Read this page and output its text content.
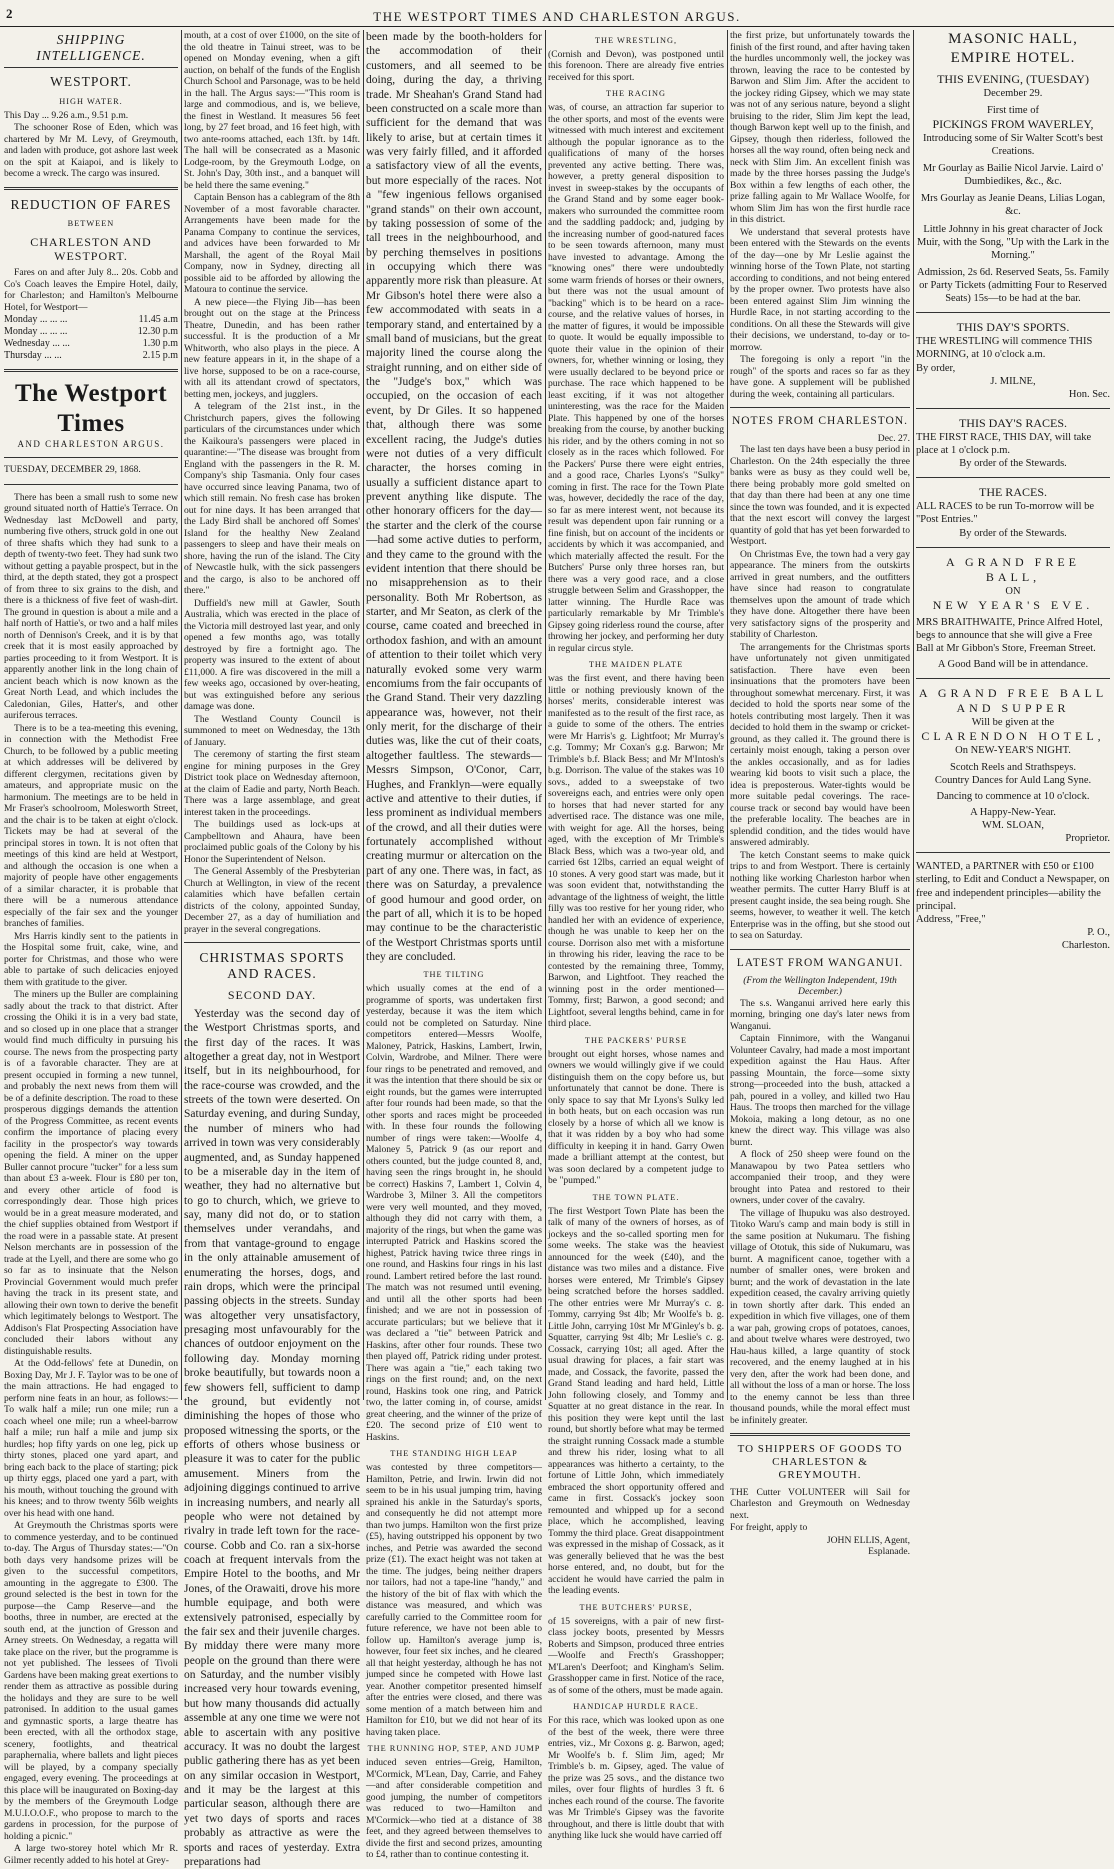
2	THE WESTPORT TIMES AND CHARLESTON ARGUS.
SHIPPING INTELLIGENCE.
WESTPORT.
HIGH WATER.

This Day ... 9.26 a.m., 9.51 p.m.

The schooner Rose of Eden, which was chartered by Mr M. Levy, of Greymouth, and laden with produce, got ashore last week on the spit at Kaiapoi, and is likely to become a wreck. The cargo was insured.

REDUCTION OF FARES
BETWEEN
CHARLESTON AND WESTPORT.

Fares on and after July 8... 20s. Cobb and Co's Coach leaves the Empire Hotel, daily, for Charleston; and Hamilton's Melbourne Hotel, for Westport—

Monday ... ... ...	11.45 a.m
Monday ... ... ...	12.30 p.m
Wednesday ... ...	1.30 p.m
Thursday ... ...	2.15 p.m
The Westport Times
AND CHARLESTON ARGUS.
TUESDAY, DECEMBER 29, 1868.

There has been a small rush to some new ground situated north of Hattie's Terrace. On Wednesday last McDowell and party, numbering five others, struck gold in one out of three shafts which they had sunk to a depth of twenty-two feet. They had sunk two without getting a payable prospect, but in the third, at the depth stated, they got a prospect of from three to six grains to the dish, and there is a thickness of five feet of wash-dirt. The ground in question is about a mile and a half north of Hattie's, or two and a half miles north of Dennison's Creek, and it is by that creek that it is most easily approached by parties proceeding to it from Westport. It is apparently another link in the long chain of ancient beach which is now known as the Great North Lead, and which includes the Caledonian, Giles, Hatter's, and other auriferous terraces.

There is to be a tea-meeting this evening, in connection with the Methodist Free Church, to be followed by a public meeting at which addresses will be delivered by different clergymen, recitations given by amateurs, and appropriate music on the harmonium. The meetings are to be held in Mr Fraser's schoolroom, Molesworth Street, and the chair is to be taken at eight o'clock. Tickets may be had at several of the principal stores in town. It is not often that meetings of this kind are held at Westport, and although the occasion is one when a majority of people have other engagements of a similar character, it is probable that there will be a numerous attendance especially of the fair sex and the younger branches of families.

Mrs Harris kindly sent to the patients in the Hospital some fruit, cake, wine, and porter for Christmas, and those who were able to partake of such delicacies enjoyed them with gratitude to the giver.

The miners up the Buller are complaining sadly about the track to that district. After crossing the Ohiki it is in a very bad state, and so closed up in one place that a stranger would find much difficulty in pursuing his course. The news from the prospecting party is of a favorable character. They are at present occupied in forming a new tunnel, and probably the next news from them will be of a definite description. The road to these prosperous diggings demands the attention of the Progress Committee, as recent events confirm the importance of placing every facility in the prospector's way towards opening the field. A miner on the upper Buller cannot procure "tucker" for a less sum than about £3 a-week. Flour is £80 per ton, and every other article of food is correspondingly dear. Those high prices would be in a great measure moderated, and the chief supplies obtained from Westport if the road were in a passable state. At present Nelson merchants are in possession of the trade at the Lyell, and there are some who go so far as to insinuate that the Nelson Provincial Government would much prefer having the track in its present state, and allowing their own town to derive the benefit which legitimately belongs to Westport. The Addison's Flat Prospecting Association have concluded their labors without any distinguishable results.

At the Odd-fellows' fete at Dunedin, on Boxing Day, Mr J. F. Taylor was to be one of the main attractions. He had engaged to perform nine feats in an hour, as follows:—To walk half a mile; run one mile; run a coach wheel one mile; run a wheel-barrow half a mile; run half a mile and jump six hurdles; hop fifty yards on one leg, pick up thirty stones, placed one yard apart, and bring each back to the place of starting; pick up thirty eggs, placed one yard a part, with his mouth, without touching the ground with his knees; and to throw twenty 56lb weights over his head with one hand.

At Greymouth the Christmas sports were to commence yesterday, and to be continued to-day. The Argus of Thursday states:—"On both days very handsome prizes will be given to the successful competitors, amounting in the aggregate to £300. The ground selected is the best in town for the purpose—the Camp Reserve—and the booths, three in number, are erected at the south end, at the junction of Gresson and Arney streets. On Wednesday, a regatta will take place on the river, but the programme is not yet published. The lessees of Tivoli Gardens have been making great exertions to render them as attractive as possible during the holidays and they are sure to be well patronised. In addition to the usual games and gymnastic sports, a large theatre has been erected, with all the orthodox stage, scenery, footlights, and theatrical paraphernalia, where ballets and light pieces will be played, by a company specially engaged, every evening. The proceedings at this place will be inaugurated on Boxing-day by the members of the Greymouth Lodge M.U.I.O.O.F., who propose to march to the gardens in procession, for the purpose of holding a picnic."

A large two-storey hotel which Mr R. Gilmer recently added to his hotel at Grey-

mouth, at a cost of over £1000, on the site of the old theatre in Tainui street, was to be opened on Monday evening, when a gift auction, on behalf of the funds of the English Church School and Parsonage, was to be held in the hall. The Argus says:—"This room is large and commodious, and is, we believe, the finest in Westland. It measures 56 feet long, by 27 feet broad, and 16 feet high, with two ante-rooms attached, each 13ft. by 14ft. The hall will be consecrated as a Masonic Lodge-room, by the Greymouth Lodge, on St. John's Day, 30th inst., and a banquet will be held there the same evening."

Captain Benson has a cablegram of the 8th November of a most favorable character. Arrangements have been made for the Panama Company to continue the services, and advices have been forwarded to Mr Marshall, the agent of the Royal Mail Company, now in Sydney, directing all possible aid to be afforded by allowing the Matoura to continue the service.

A new piece—the Flying Jib—has been brought out on the stage at the Princess Theatre, Dunedin, and has been rather successful. It is the production of a Mr Whitworth, who also plays in the piece. A new feature appears in it, in the shape of a live horse, supposed to be on a race-course, with all its attendant crowd of spectators, betting men, jockeys, and jugglers.

A telegram of the 21st inst., in the Christchurch papers, gives the following particulars of the circumstances under which the Kaikoura's passengers were placed in quarantine:—"The disease was brought from England with the passengers in the R. M. Company's ship Tasmania. Only four cases have occurred since leaving Panama, two of which still remain. No fresh case has broken out for nine days. It has been arranged that the Lady Bird shall be anchored off Somes' Island for the healthy New Zealand passengers to sleep and have their meals on shore, having the run of the island. The City of Newcastle hulk, with the sick passengers and the cargo, is also to be anchored off there."

Duffield's new mill at Gawler, South Australia, which was erected in the place of the Victoria mill destroyed last year, and only opened a few months ago, was totally destroyed by fire a fortnight ago. The property was insured to the extent of about £11,000. A fire was discovered in the mill a few weeks ago, occasioned by over-heating, but was extinguished before any serious damage was done.

The Westland County Council is summoned to meet on Wednesday, the 13th of January.

The ceremony of starting the first steam engine for mining purposes in the Grey District took place on Wednesday afternoon, at the claim of Eadie and party, North Beach. There was a large assemblage, and great interest taken in the proceedings.

The buildings used as lock-ups at Campbelltown and Ahaura, have been proclaimed public goals of the Colony by his Honor the Superintendent of Nelson.

The General Assembly of the Presbyterian Church at Wellington, in view of the recent calamities which have befallen certain districts of the colony, appointed Sunday, December 27, as a day of humiliation and prayer in the several congregations.

CHRISTMAS SPORTS AND RACES.
SECOND DAY.

Yesterday was the second day of the Westport Christmas sports, and the first day of the races. It was altogether a great day, not in Westport itself, but in its neighbourhood, for the race-course was crowded, and the streets of the town were deserted. On Saturday evening, and during Sunday, the number of miners who had arrived in town was very considerably augmented, and, as Sunday happened to be a miserable day in the item of weather, they had no alternative but to go to church, which, we grieve to say, many did not do, or to station themselves under verandahs, and from that vantage-ground to engage in the only attainable amusement of enumerating the horses, dogs, and rain drops, which were the principal passing objects in the streets. Sunday was altogether very unsatisfactory, presaging most unfavourably for the chances of outdoor enjoyment on the following day. Monday morning broke beautifully, but towards noon a few showers fell, sufficient to damp the ground, but evidently not diminishing the hopes of those who proposed witnessing the sports, or the efforts of others whose business or pleasure it was to cater for the public amusement. Miners from the adjoining diggings continued to arrive in increasing numbers, and nearly all people who were not detained by rivalry in trade left town for the race-course. Cobb and Co. ran a six-horse coach at frequent intervals from the Empire Hotel to the booths, and Mr Jones, of the Orawaiti, drove his more humble equipage, and both were extensively patronised, especially by the fair sex and their juvenile charges. By midday there were many more people on the ground than there were on Saturday, and the number visibly increased very hour towards evening, but how many thousands did actually assemble at any one time we were not able to ascertain with any positive accuracy. It was no doubt the largest public gathering there has as yet been on any similar occasion in Westport, and it may be the largest at this particular season, although there are yet two days of sports and races probably as attractive as were the sports and races of yesterday. Extra preparations had

been made by the booth-holders for the accommodation of their customers, and all seemed to be doing, during the day, a thriving trade. Mr Sheahan's Grand Stand had been constructed on a scale more than sufficient for the demand that was likely to arise, but at certain times it was very fairly filled, and it afforded a satisfactory view of all the events, but more especially of the races. Not a "few ingenious fellows organised "grand stands" on their own account, by taking possession of some of the tall trees in the neighbourhood, and by perching themselves in positions in occupying which there was apparently more risk than pleasure. At Mr Gibson's hotel there were also a few accommodated with seats in a temporary stand, and entertained by a small band of musicians, but the great majority lined the course along the straight running, and on either side of the "Judge's box," which was occupied, on the occasion of each event, by Dr Giles. It so happened that, although there was some excellent racing, the Judge's duties were not duties of a very difficult character, the horses coming in usually a sufficient distance apart to prevent anything like dispute. The other honorary officers for the day—the starter and the clerk of the course—had some active duties to perform, and they came to the ground with the evident intention that there should be no misapprehension as to their personality. Both Mr Robertson, as starter, and Mr Seaton, as clerk of the course, came coated and breeched in orthodox fashion, and with an amount of attention to their toilet which very naturally evoked some very warm encomiums from the fair occupants of the Grand Stand. Their very dazzling appearance was, however, not their only merit, for the discharge of their duties was, like the cut of their coats, altogether faultless. The stewards—Messrs Simpson, O'Conor, Carr, Hughes, and Franklyn—were equally active and attentive to their duties, if less prominent as individual members of the crowd, and all their duties were fortunately accomplished without creating murmur or altercation on the part of any one. There was, in fact, as there was on Saturday, a prevalence of good humour and good order, on the part of all, which it is to be hoped may continue to be the characteristic of the Westport Christmas sports until they are concluded.

THE TILTING

which usually comes at the end of a programme of sports, was undertaken first yesterday, because it was the item which could not be completed on Saturday. Nine competitors entered—Messrs Woolfe, Maloney, Patrick, Haskins, Lambert, Irwin, Colvin, Wardrobe, and Milner. There were four rings to be penetrated and removed, and it was the intention that there should be six or eight rounds, but the games were interrupted after four rounds had been made, so that the other sports and races might be proceeded with. In these four rounds the following number of rings were taken:—Woolfe 4, Maloney 5, Patrick 9 (as our report and others counted, but the judge counted 8, and, having seen the rings brought in, he should be correct) Haskins 7, Lambert 1, Colvin 4, Wardrobe 3, Milner 3. All the competitors were very well mounted, and they moved, although they did not carry with them, a majority of the rings, but when the game was interrupted Patrick and Haskins scored the highest, Patrick having twice three rings in one round, and Haskins four rings in his last round. Lambert retired before the last round. The match was not resumed until evening, and until all the other sports had been finished; and we are not in possession of accurate particulars; but we believe that it was declared a "tie" between Patrick and Haskins, after other four rounds. These two then played off, Patrick riding under protest. There was again a "tie," each taking two rings on the first round; and, on the next round, Haskins took one ring, and Patrick two, the latter coming in, of course, amidst great cheering, and the winner of the prize of £20. The second prize of £10 went to Haskins.

THE STANDING HIGH LEAP

was contested by three competitors—Hamilton, Petrie, and Irwin. Irwin did not seem to be in his usual jumping trim, having sprained his ankle in the Saturday's sports, and consequently he did not attempt more than two jumps. Hamilton won the first prize (£5), having outstripped his opponent by two inches, and Petrie was awarded the second prize (£1). The exact height was not taken at the time. The judges, being neither drapers nor tailors, had not a tape-line "handy," and the history of the bit of flax with which the distance was measured, and which was carefully carried to the Committee room for future reference, we have not been able to follow up. Hamilton's average jump is, however, four feet six inches, and he cleared all that height yesterday, although he has not jumped since he competed with Howe last year. Another competitor presented himself after the entries were closed, and there was some mention of a match between him and Hamilton for £10, but we did not hear of its having taken place.

THE RUNNING HOP, STEP, AND JUMP

induced seven entries—Greig, Hamilton, M'Cormick, M'Lean, Day, Carrie, and Fahey—and after considerable competition and good jumping, the number of competitors was reduced to two—Hamilton and M'Cormick—who tied at a distance of 38 feet, and they agreed between themselves to divide the first and second prizes, amounting to £4, rather than to continue contesting it.

THE WRESTLING,

(Cornish and Devon), was postponed until this forenoon. There are already five entries received for this sport.

THE RACING

was, of course, an attraction far superior to the other sports, and most of the events were witnessed with much interest and excitement although the popular ignorance as to the qualifications of many of the horses prevented any active betting. There was, however, a pretty general disposition to invest in sweep-stakes by the occupants of the Grand Stand and by some eager book-makers who surrounded the committee room and the saddling paddock; and, judging by the increasing number of good-natured faces to be seen towards afternoon, many must have invested to advantage. Among the "knowing ones" there were undoubtedly some warm friends of horses or their owners, but there was not the usual amount of "backing" which is to be heard on a race-course, and the relative values of horses, in the matter of figures, it would be impossible to quote. It would be equally impossible to quote their value in the opinion of their owners, for, whether winning or losing, they were usually declared to be beyond price or purchase. The race which happened to be least exciting, if it was not altogether uninteresting, was the race for the Maiden Plate. This happened by one of the horses breaking from the course, by another bucking his rider, and by the others coming in not so closely as in the races which followed. For the Packers' Purse there were eight entries, and a good race, Charles Lyons's "Sulky" coming in first. The race for the Town Plate was, however, decidedly the race of the day, so far as mere interest went, not because its result was dependent upon fair running or a fine finish, but on account of the incidents or accidents by which it was accompanied, and which materially affected the result. For the Butchers' Purse only three horses ran, but there was a very good race, and a close struggle between Selim and Grasshopper, the latter winning. The Hurdle Race was particularly remarkable by Mr Trimble's Gipsey going riderless round the course, after throwing her jockey, and performing her duty in regular circus style.

THE MAIDEN PLATE

was the first event, and there having been little or nothing previously known of the horses' merits, considerable interest was manifested as to the result of the first race, as a guide to some of the others. The entries were Mr Harris's g. Lightfoot; Mr Murray's c.g. Tommy; Mr Coxan's g.g. Barwon; Mr Trimble's b.f. Black Bess; and Mr M'Intosh's b.g. Dorrison. The value of the stakes was 10 sovs., added to a sweepstake of two sovereigns each, and entries were only open to horses that had never started for any advertised race. The distance was one mile, with weight for age. All the horses, being aged, with the exception of Mr Trimble's Black Bess, which was a two-year old, and carried 6st 12lbs, carried an equal weight of 10 stones. A very good start was made, but it was soon evident that, notwithstanding the advantage of the lightness of weight, the little filly was too restive for her young rider, who handled her with an evidence of experience, though he was unable to keep her on the course. Dorrison also met with a misfortune in throwing his rider, leaving the race to be contested by the remaining three, Tommy, Barwon, and Lightfoot. They reached the winning post in the order mentioned—Tommy, first; Barwon, a good second; and Lightfoot, several lengths behind, came in for third place.

THE PACKERS' PURSE

brought out eight horses, whose names and owners we would willingly give if we could distinguish them on the copy before us, but unfortunately that cannot be done. There is only space to say that Mr Lyons's Sulky led in both heats, but on each occasion was run closely by a horse of which all we know is that it was ridden by a boy who had some difficulty in keeping it in hand. Garry Owen made a brilliant attempt at the contest, but was soon declared by a competent judge to be "pumped."

THE TOWN PLATE.

The first Westport Town Plate has been the talk of many of the owners of horses, as of jockeys and the so-called sporting men for some weeks. The stake was the heaviest announced for the week (£40), and the distance was two miles and a distance. Five horses were entered, Mr Trimble's Gipsey being scratched before the horses saddled. The other entries were Mr Murray's c. g. Tommy, carrying 9st 4lb; Mr Woolfe's b. g. Little John, carrying 10st Mr M'Ginley's b. g. Squatter, carrying 9st 4lb; Mr Leslie's c. g. Cossack, carrying 10st; all aged. After the usual drawing for places, a fair start was made, and Cossack, the favorite, passed the Grand Stand leading and hard held, Little John following closely, and Tommy and Squatter at no great distance in the rear. In this position they were kept until the last round, but shortly before what may be termed the straight running Cossack made a stumble and threw his rider, losing what to all appearances was hitherto a certainty, to the fortune of Little John, which immediately embraced the short opportunity offered and came in first. Cossack's jockey soon remounted and whipped up for a second place, which he accomplished, leaving Tommy the third place. Great disappointment was expressed in the mishap of Cossack, as it was generally believed that he was the best horse entered, and, no doubt, but for the accident he would have carried the palm in the leading events.

THE BUTCHERS' PURSE,

of 15 sovereigns, with a pair of new first-class jockey boots, presented by Messrs Roberts and Simpson, produced three entries—Woolfe and Frecth's Grasshopper; M'Laren's Deerfoot; and Kingham's Selim. Grasshopper came in first. Notice of the race, as of some of the others, must be made again.

HANDICAP HURDLE RACE.

For this race, which was looked upon as one of the best of the week, there were three entries, viz., Mr Coxons g. g. Barwon, aged; Mr Woolfe's b. f. Slim Jim, aged; Mr Trimble's b. m. Gipsey, aged. The value of the prize was 25 sovs., and the distance two miles, over four flights of hurdles 3 ft. 6 inches each round of the course. The favorite was Mr Trimble's Gipsey was the favorite throughout, and there is little doubt that with anything like luck she would have carried off

the first prize, but unfortunately towards the finish of the first round, and after having taken the hurdles uncommonly well, the jockey was thrown, leaving the race to be contested by Barwon and Slim Jim. After the accident to the jockey riding Gipsey, which we may state was not of any serious nature, beyond a slight bruising to the rider, Slim Jim kept the lead, though Barwon kept well up to the finish, and Gipsey, though then riderless, followed the horses all the way round, often being neck and neck with Slim Jim. An excellent finish was made by the three horses passing the Judge's Box within a few lengths of each other, the prize falling again to Mr Wallace Woolfe, for whom Slim Jim has won the first hurdle race in this district.

We understand that several protests have been entered with the Stewards on the events of the day—one by Mr Leslie against the winning horse of the Town Plate, not starting according to conditions, and not being entered by the proper owner. Two protests have also been entered against Slim Jim winning the Hurdle Race, in not starting according to the conditions. On all these the Stewards will give their decisions, we understand, to-day or to-morrow.

The foregoing is only a report "in the rough" of the sports and races so far as they have gone. A supplement will be published during the week, containing all particulars.

NOTES FROM CHARLESTON.
Dec. 27.

The last ten days have been a busy period in Charleston. On the 24th especially the three banks were as busy as they could well be, there being probably more gold smelted on that day than there had been at any one time since the town was founded, and it is expected that the next escort will convey the largest quantity of gold that has yet been forwarded to Westport.

On Christmas Eve, the town had a very gay appearance. The miners from the outskirts arrived in great numbers, and the outfitters have since had reason to congratulate themselves upon the amount of trade which they have done. Altogether there have been very satisfactory signs of the prosperity and stability of Charleston.

The arrangements for the Christmas sports have unfortunately not given unmitigated satisfaction. There have even been insinuations that the promoters have been throughout somewhat mercenary. First, it was decided to hold the sports near some of the hotels contributing most largely. Then it was decided to hold them in the swamp or cricket-ground, as they called it. The ground there is certainly moist enough, taking a person over the ankles occasionally, and as for ladies wearing kid boots to visit such a place, the idea is preposterous. Water-tights would be more suitable pedal coverings. The race-course track or second bay would have been the preferable locality. The beaches are in splendid condition, and the tides would have answered admirably.

The ketch Constant seems to make quick trips to and from Westport. There is certainly nothing like working Charleston harbor when weather permits. The cutter Harry Bluff is at present caught inside, the sea being rough. She seems, however, to weather it well. The ketch Enterprise was in the offing, but she stood out to sea on Saturday.

LATEST FROM WANGANUI.
(From the Wellington Independent, 19th December.)

The s.s. Wanganui arrived here early this morning, bringing one day's later news from Wanganui.

Captain Finnimore, with the Wanganui Volunteer Cavalry, had made a most important expedition against the Hau Haus. After passing Mountain, the force—some sixty strong—proceeded into the bush, attacked a pah, poured in a volley, and killed two Hau Haus. The troops then marched for the village Mokoia, making a long detour, as no one knew the direct way. This village was also burnt.

A flock of 250 sheep were found on the Manawapou by two Patea settlers who accompanied their troop, and they were brought into Patea and restored to their owners, under cover of the cavalry.

The village of Ihupuku was also destroyed. Titoko Waru's camp and main body is still in the same position at Nukumaru. The fishing village of Ototuk, this side of Nukumaru, was burnt. A magnificent canoe, together with a number of smaller ones, were broken and burnt; and the work of devastation in the late expedition ceased, the cavalry arriving quietly in town shortly after dark. This ended an expedition in which five villages, one of them a war pah, growing crops of potatoes, canoes, and about twelve whares were destroyed, two Hau-haus killed, a large quantity of stock recovered, and the enemy laughed at in his very den, after the work had been done, and all without the loss of a man or horse. The loss to the enemy cannot be less than three thousand pounds, while the moral effect must be infinitely greater.

TO SHIPPERS OF GOODS TO CHARLESTON & GREYMOUTH.

THE Cutter VOLUNTEER will Sail for Charleston and Greymouth on Wednesday next.

For freight, apply to

JOHN ELLIS, Agent,
Esplanade.
MASONIC HALL, EMPIRE HOTEL.
THIS EVENING, (TUESDAY)
December 29.
First time of
PICKINGS FROM WAVERLEY,
Introducing some of Sir Walter Scott's best Creations.
Mr Gourlay as Bailie Nicol Jarvie. Laird o' Dumbiedikes, &c., &c.
Mrs Gourlay as Jeanie Deans, Lilias Logan, &c.
Little Johnny in his great character of Jock Muir, with the Song, "Up with the Lark in the Morning."
Admission, 2s 6d. Reserved Seats, 5s. Family or Party Tickets (admitting Four to Reserved Seats) 15s—to be had at the bar.
THIS DAY'S SPORTS.
THE WRESTLING will commence THIS MORNING, at 10 o'clock a.m.
By order,
J. MILNE,
Hon. Sec.
THIS DAY'S RACES.
THE FIRST RACE, THIS DAY, will take place at 1 o'clock p.m.
By order of the Stewards.
THE RACES.
ALL RACES to be run To-morrow will be "Post Entries."
By order of the Stewards.
A GRAND FREE BALL,
ON
NEW YEAR'S EVE.
MRS BRAITHWAITE, Prince Alfred Hotel, begs to announce that she will give a Free Ball at Mr Gibbon's Store, Freeman Street.
A Good Band will be in attendance.
A GRAND FREE BALL AND SUPPER
Will be given at the
CLARENDON HOTEL,
On NEW-YEAR'S NIGHT.
Scotch Reels and Strathspeys.
Country Dances for Auld Lang Syne.
Dancing to commence at 10 o'clock.
A Happy-New-Year.
WM. SLOAN,
Proprietor.
WANTED, a PARTNER with £50 or £100 sterling, to Edit and Conduct a Newspaper, on free and independent principles—ability the principal.
Address, "Free,"
P. O.,
Charleston.
